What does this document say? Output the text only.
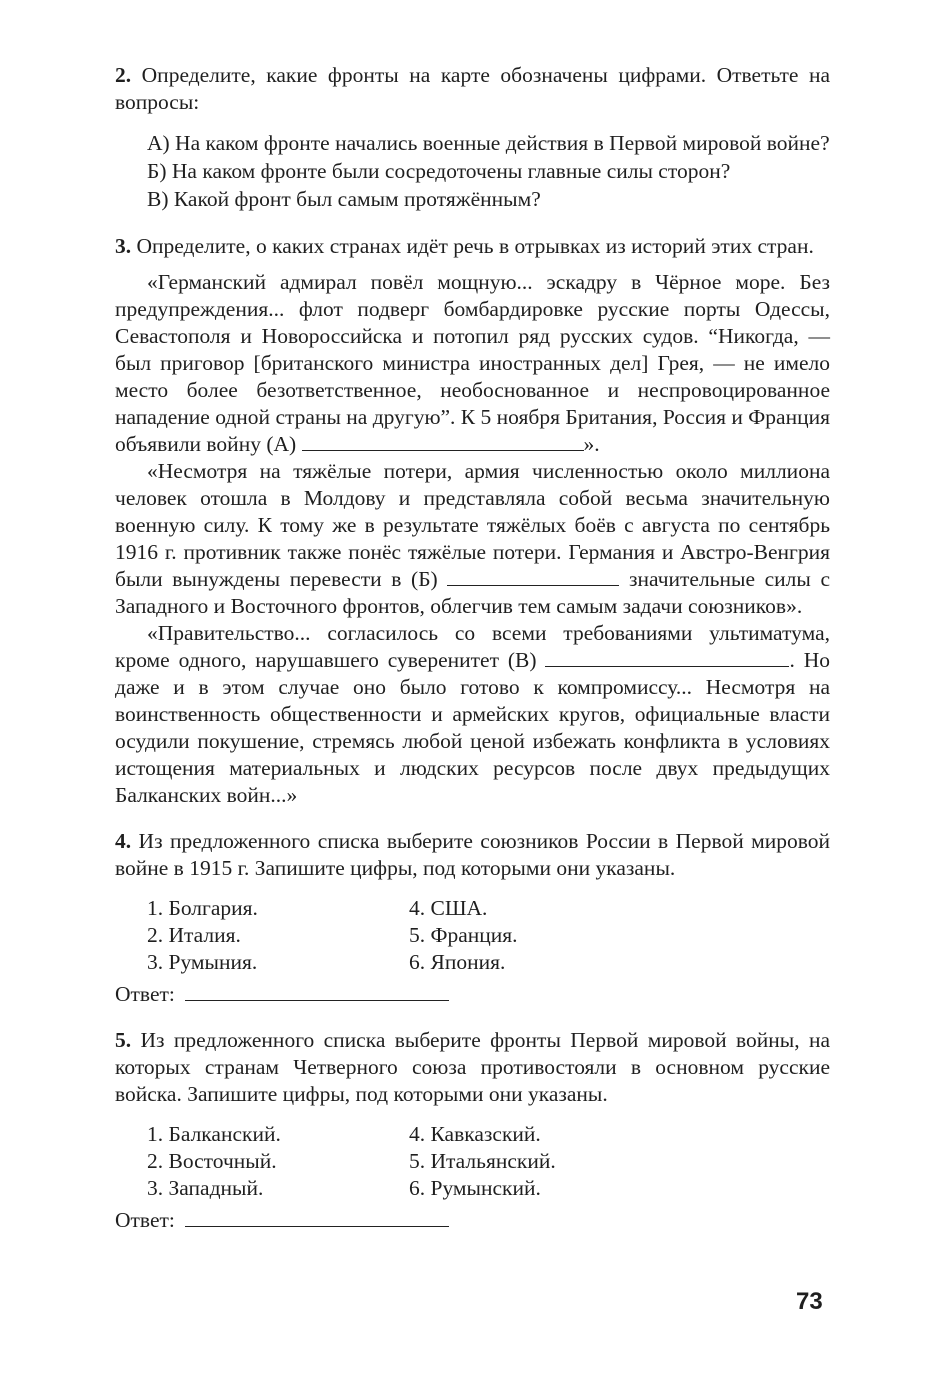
2. Определите, какие фронты на карте обозначены цифрами. Ответьте на вопросы:

А) На каком фронте начались военные действия в Первой мировой войне?
Б) На каком фронте были сосредоточены главные силы сторон?
В) Какой фронт был самым протяжённым?

3. Определите, о каких странах идёт речь в отрывках из историй этих стран.

«Германский адмирал повёл мощную... эскадру в Чёрное море. Без предупреждения... флот подверг бомбардировке русские порты Одессы, Севастополя и Новороссийска и потопил ряд русских судов. “Никогда, — был приговор [британского министра иностранных дел] Грея, — не имело место более безответственное, необоснованное и неспровоцированное нападение одной страны на другую”. К 5 ноября Британия, Россия и Франция объявили войну (А)	».

«Несмотря на тяжёлые потери, армия численностью около миллиона человек отошла в Молдову и представляла собой весьма значительную военную силу. К тому же в результате тяжёлых боёв с августа по сентябрь 1916 г. противник также понёс тяжёлые потери. Германия и Австро-Венгрия были вынуждены перевести в (Б)	значительные силы с Западного и Восточного фронтов, облегчив тем самым задачи союзников».

«Правительство... согласилось со всеми требованиями ультиматума, кроме одного, нарушавшего суверенитет (В)	. Но даже и в этом случае оно было готово к компромиссу... Несмотря на воинственность общественности и армейских кругов, официальные власти осудили покушение, стремясь любой ценой избежать конфликта в условиях истощения материальных и людских ресурсов после двух предыдущих Балканских войн...»

4. Из предложенного списка выберите союзников России в Первой мировой войне в 1915 г. Запишите цифры, под которыми они указаны.

1. Болгария.	4. США.
2. Италия.	5. Франция.
3. Румыния.	6. Япония.
Ответ:

5. Из предложенного списка выберите фронты Первой мировой войны, на которых странам Четверного союза противостояли в основном русские войска. Запишите цифры, под которыми они указаны.

1. Балканский.	4. Кавказский.
2. Восточный.	5. Итальянский.
3. Западный.	6. Румынский.
Ответ:
73
